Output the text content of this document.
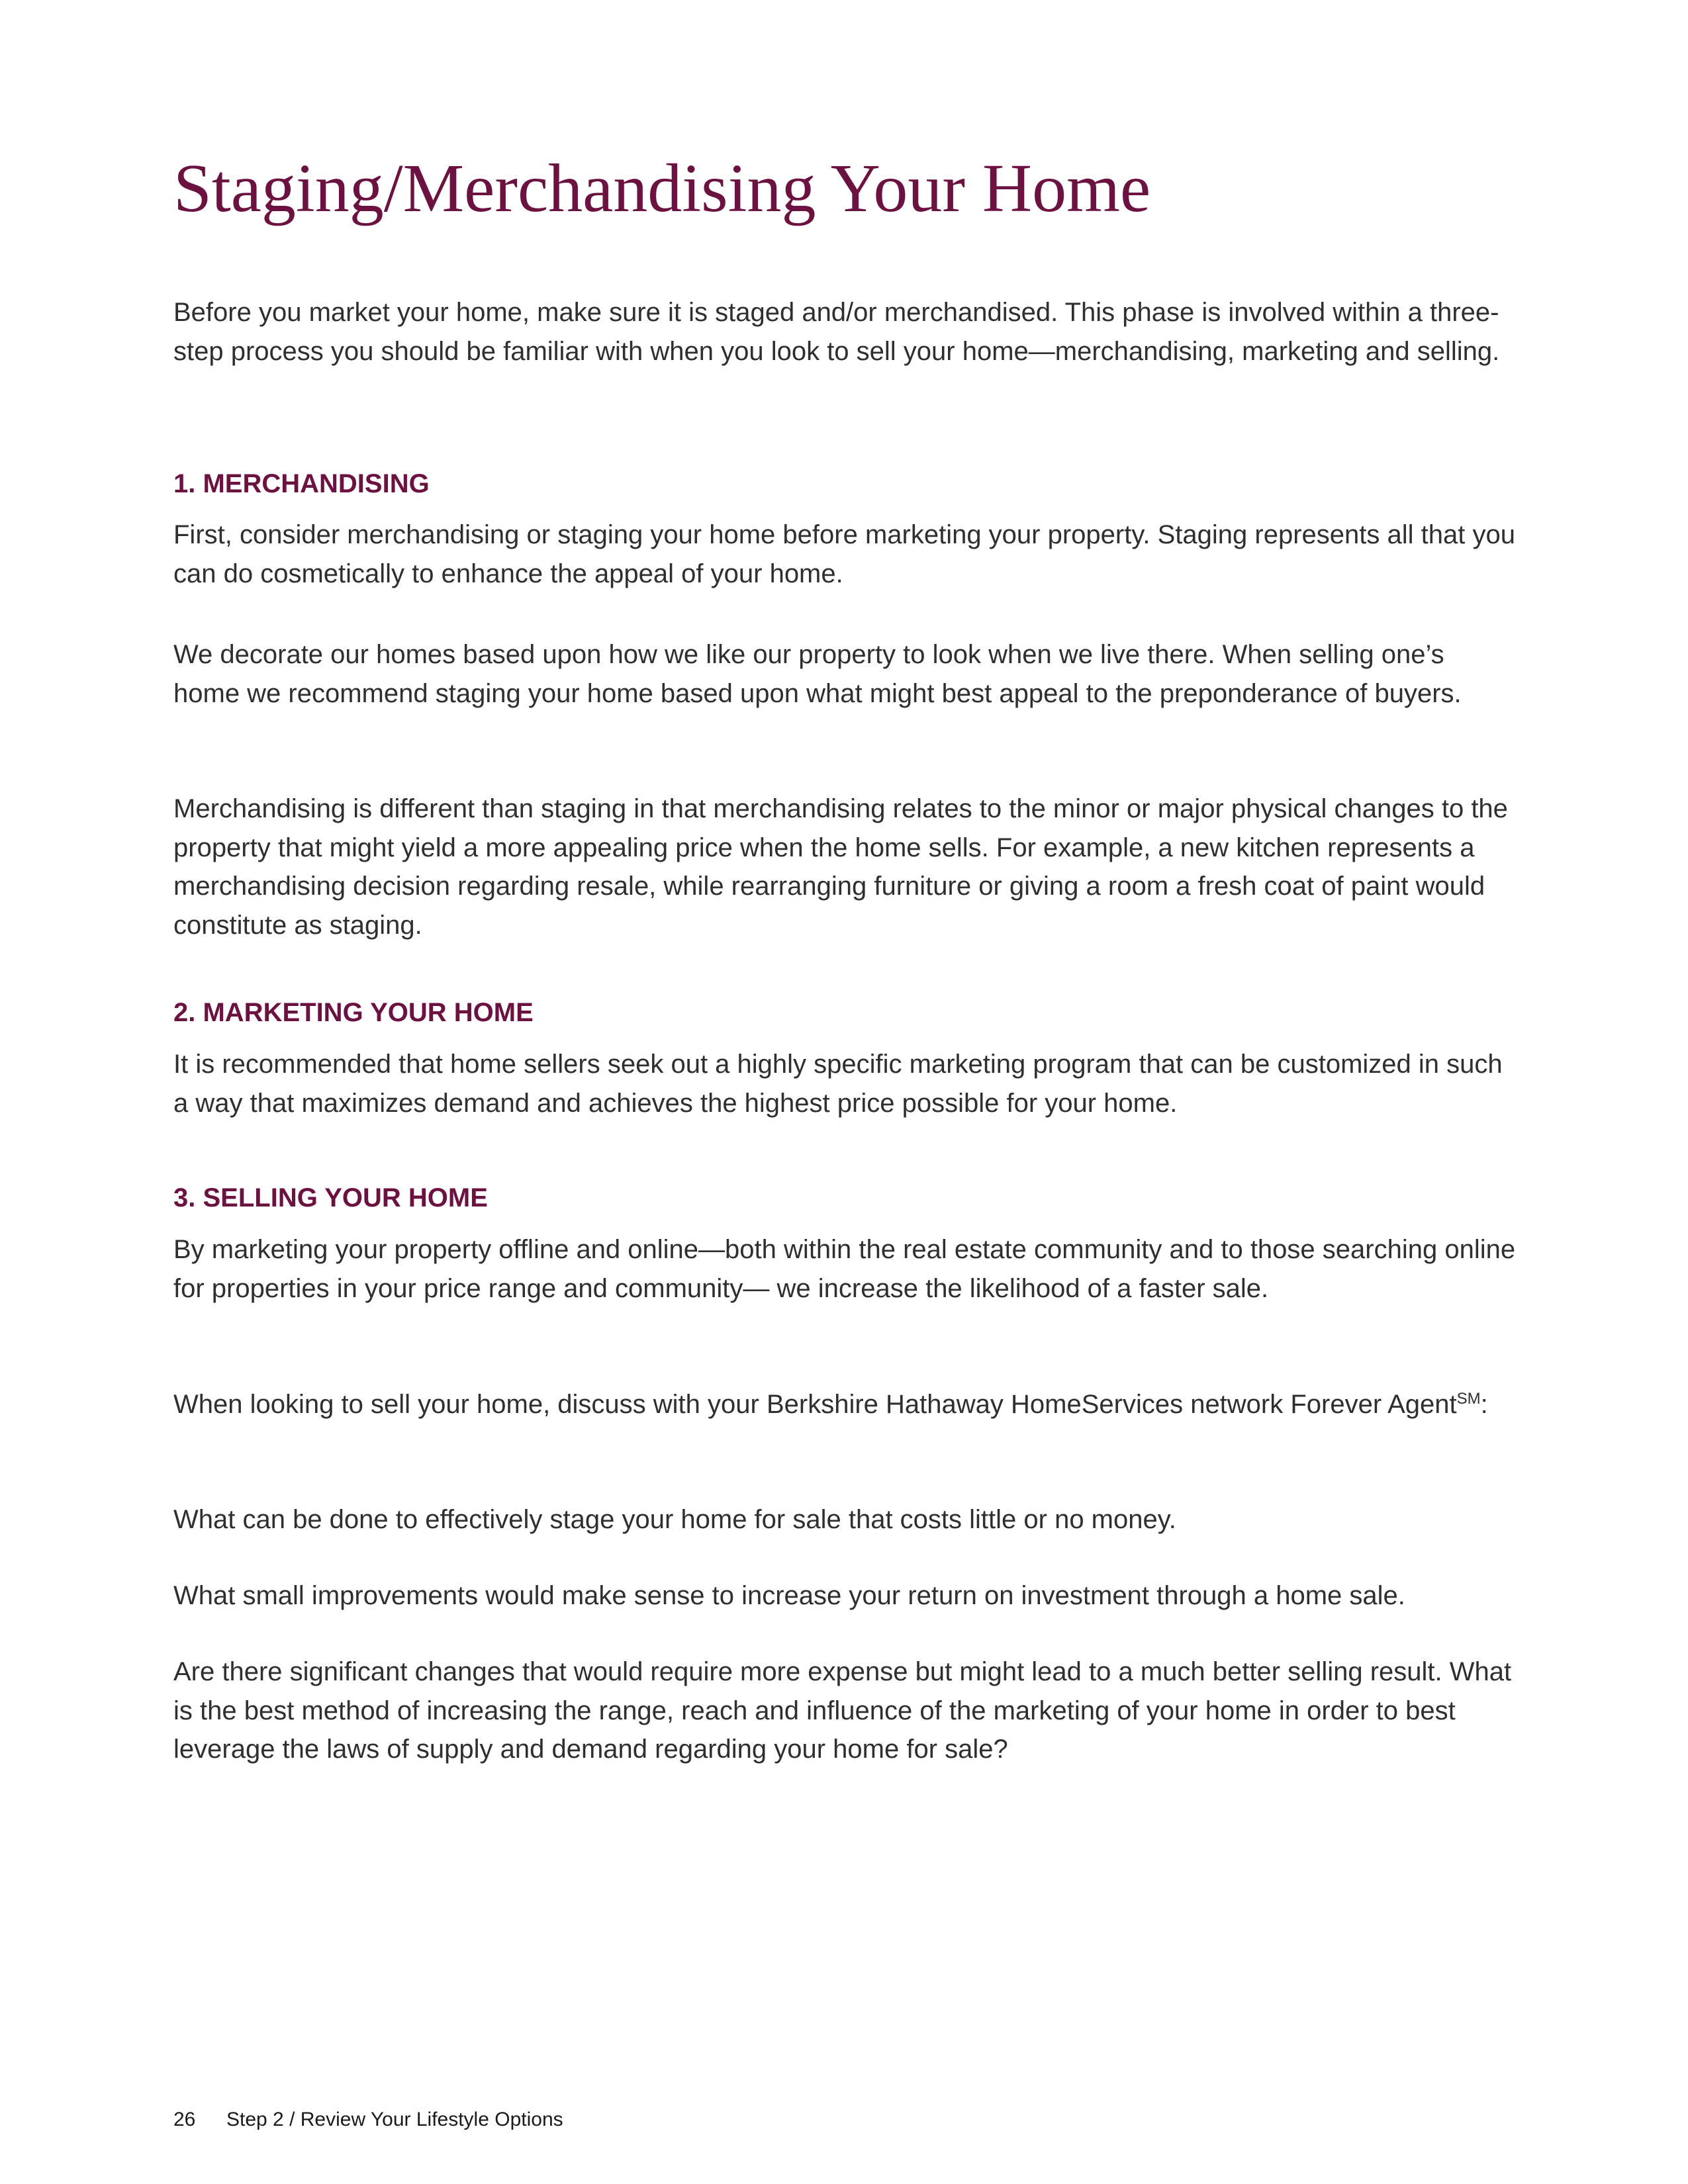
Staging/Merchandising Your Home

Before you market your home, make sure it is staged and/or merchandised. This phase is involved within a three-step process you should be familiar with when you look to sell your home—merchandising, marketing and selling.

1. MERCHANDISING

First, consider merchandising or staging your home before marketing your property. Staging represents all that you can do cosmetically to enhance the appeal of your home.

We decorate our homes based upon how we like our property to look when we live there. When selling one’s home we recommend staging your home based upon what might best appeal to the preponderance of buyers.

Merchandising is different than staging in that merchandising relates to the minor or major physical changes to the property that might yield a more appealing price when the home sells. For example, a new kitchen represents a merchandising decision regarding resale, while rearranging furniture or giving a room a fresh coat of paint would constitute as staging.

2. MARKETING YOUR HOME

It is recommended that home sellers seek out a highly specific marketing program that can be customized in such a way that maximizes demand and achieves the highest price possible for your home.

3. SELLING YOUR HOME

By marketing your property offline and online—both within the real estate community and to those searching online for properties in your price range and community— we increase the likelihood of a faster sale.

When looking to sell your home, discuss with your Berkshire Hathaway HomeServices network Forever Agent℠:

What can be done to effectively stage your home for sale that costs little or no money.

What small improvements would make sense to increase your return on investment through a home sale.

Are there significant changes that would require more expense but might lead to a much better selling result. What is the best method of increasing the range, reach and influence of the marketing of your home in order to best leverage the laws of supply and demand regarding your home for sale?

26 Step 2 / Review Your Lifestyle Options
